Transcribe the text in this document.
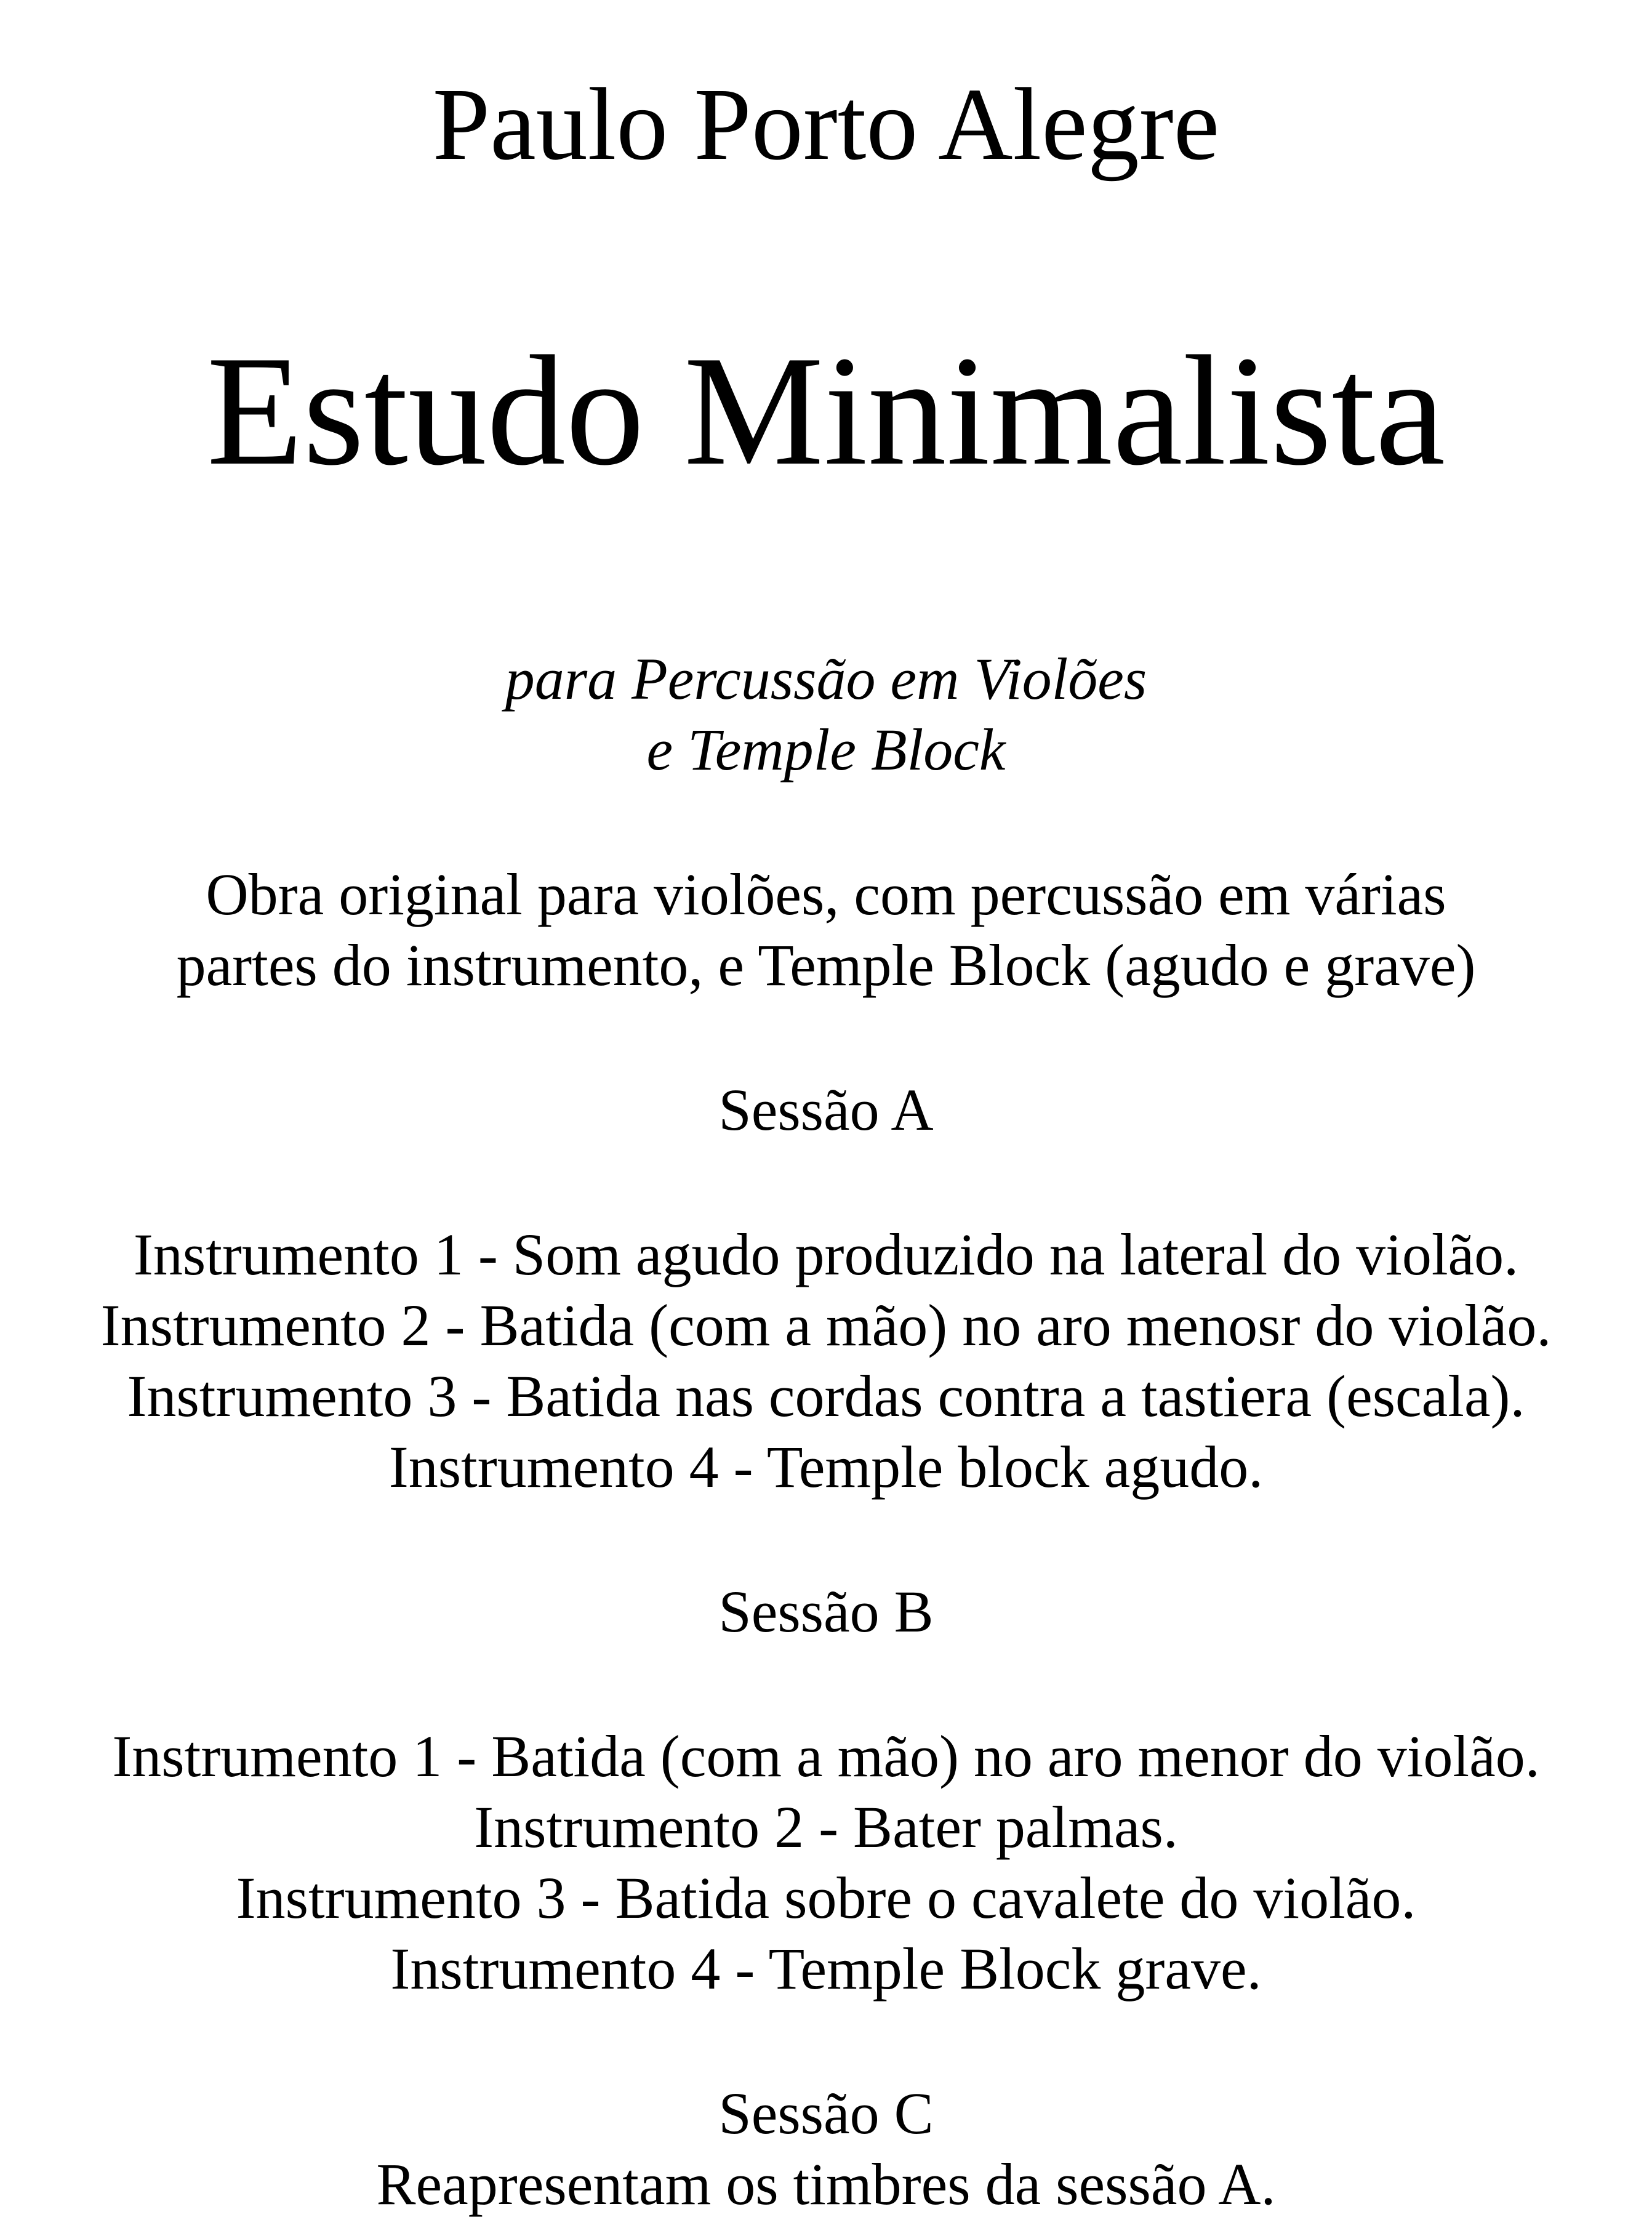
Paulo Porto Alegre
Estudo Minimalista
para Percussão em Violões
e Temple Block
Obra original para violões, com percussão em várias
partes do instrumento, e Temple Block (agudo e grave)
Sessão A
Instrumento 1 - Som agudo produzido na lateral do violão.
Instrumento 2 - Batida (com a mão) no aro menosr do violão.
Instrumento 3 - Batida nas cordas contra a tastiera (escala).
Instrumento 4 - Temple block agudo.
Sessão B
Instrumento 1 - Batida (com a mão) no aro menor do violão.
Instrumento 2 - Bater palmas.
Instrumento 3 - Batida sobre o cavalete do violão.
Instrumento 4 - Temple Block grave.
Sessão C
Reapresentam os timbres da sessão A.
